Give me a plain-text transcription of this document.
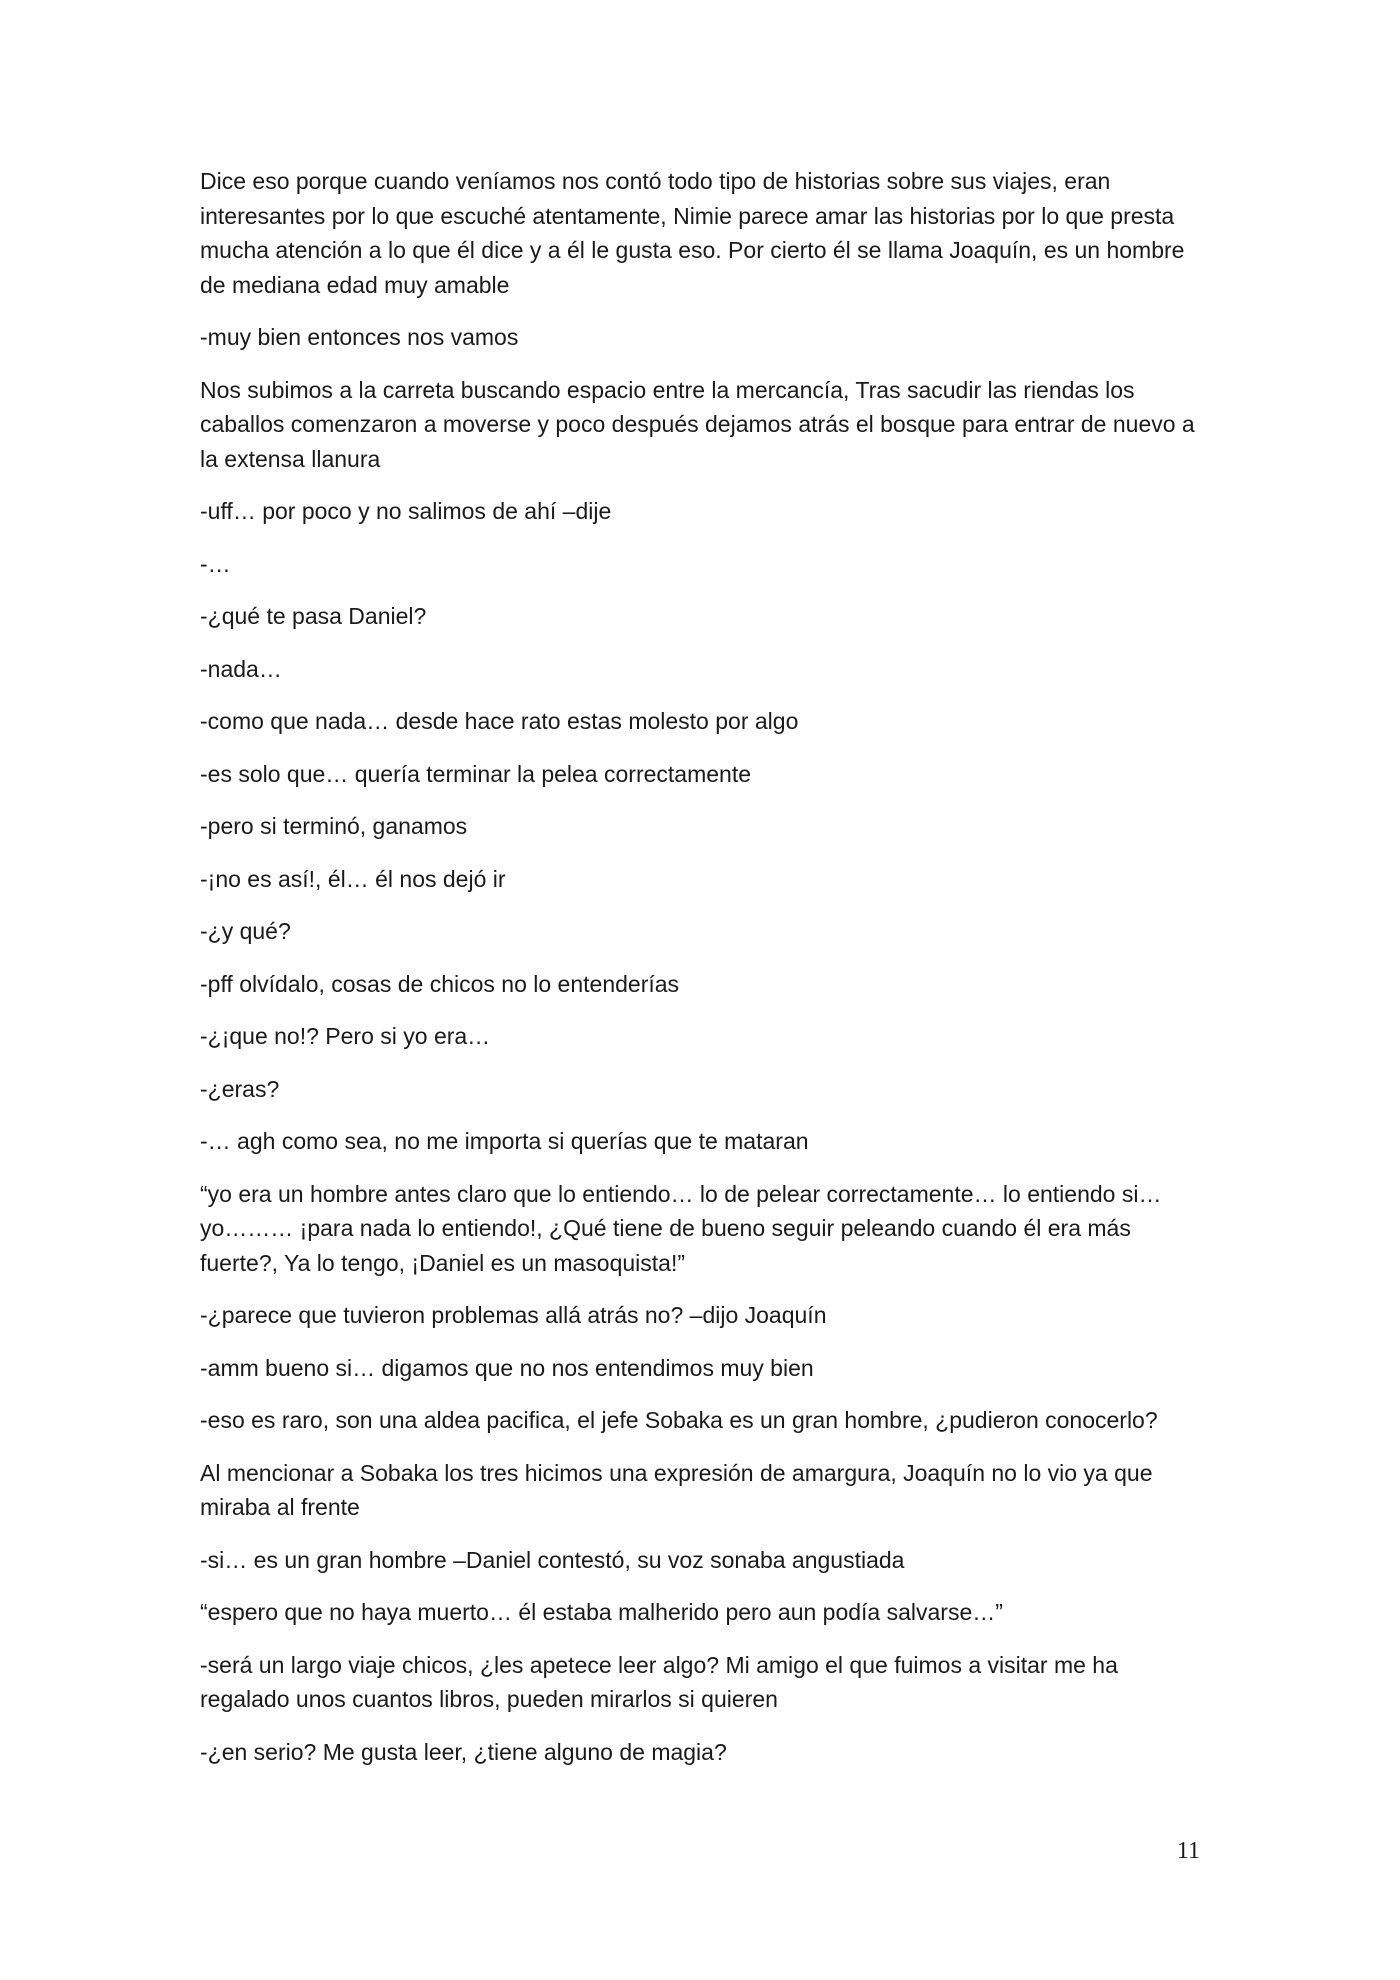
Dice eso porque cuando veníamos nos contó todo tipo de historias sobre sus viajes, eran interesantes por lo que escuché atentamente, Nimie parece amar las historias por lo que presta mucha atención a lo que él dice y a él le gusta eso. Por cierto él se llama Joaquín, es un hombre de mediana edad muy amable

-muy bien entonces nos vamos

Nos subimos a la carreta buscando espacio entre la mercancía, Tras sacudir las riendas los caballos comenzaron a moverse y poco después dejamos atrás el bosque para entrar de nuevo a la extensa llanura

-uff… por poco y no salimos de ahí –dije

-…

-¿qué te pasa Daniel?

-nada…

-como que nada… desde hace rato estas molesto por algo

-es solo que… quería terminar la pelea correctamente

-pero si terminó, ganamos

-¡no es así!, él… él nos dejó ir

-¿y qué?

-pff olvídalo, cosas de chicos no lo entenderías

-¿¡que no!? Pero si yo era…

-¿eras?

-… agh como sea, no me importa si querías que te mataran

“yo era un hombre antes claro que lo entiendo… lo de pelear correctamente… lo entiendo si…yo……… ¡para nada lo entiendo!, ¿Qué tiene de bueno seguir peleando cuando él era más fuerte?, Ya lo tengo, ¡Daniel es un masoquista!”

-¿parece que tuvieron problemas allá atrás no? –dijo Joaquín

-amm bueno si… digamos que no nos entendimos muy bien

-eso es raro, son una aldea pacifica, el jefe Sobaka es un gran hombre, ¿pudieron conocerlo?

Al mencionar a Sobaka los tres hicimos una expresión de amargura, Joaquín no lo vio ya que miraba al frente

-si… es un gran hombre –Daniel contestó, su voz sonaba angustiada

“espero que no haya muerto… él estaba malherido pero aun podía salvarse…”

-será un largo viaje chicos, ¿les apetece leer algo? Mi amigo el que fuimos a visitar me ha regalado unos cuantos libros, pueden mirarlos si quieren

-¿en serio? Me gusta leer, ¿tiene alguno de magia?

11
